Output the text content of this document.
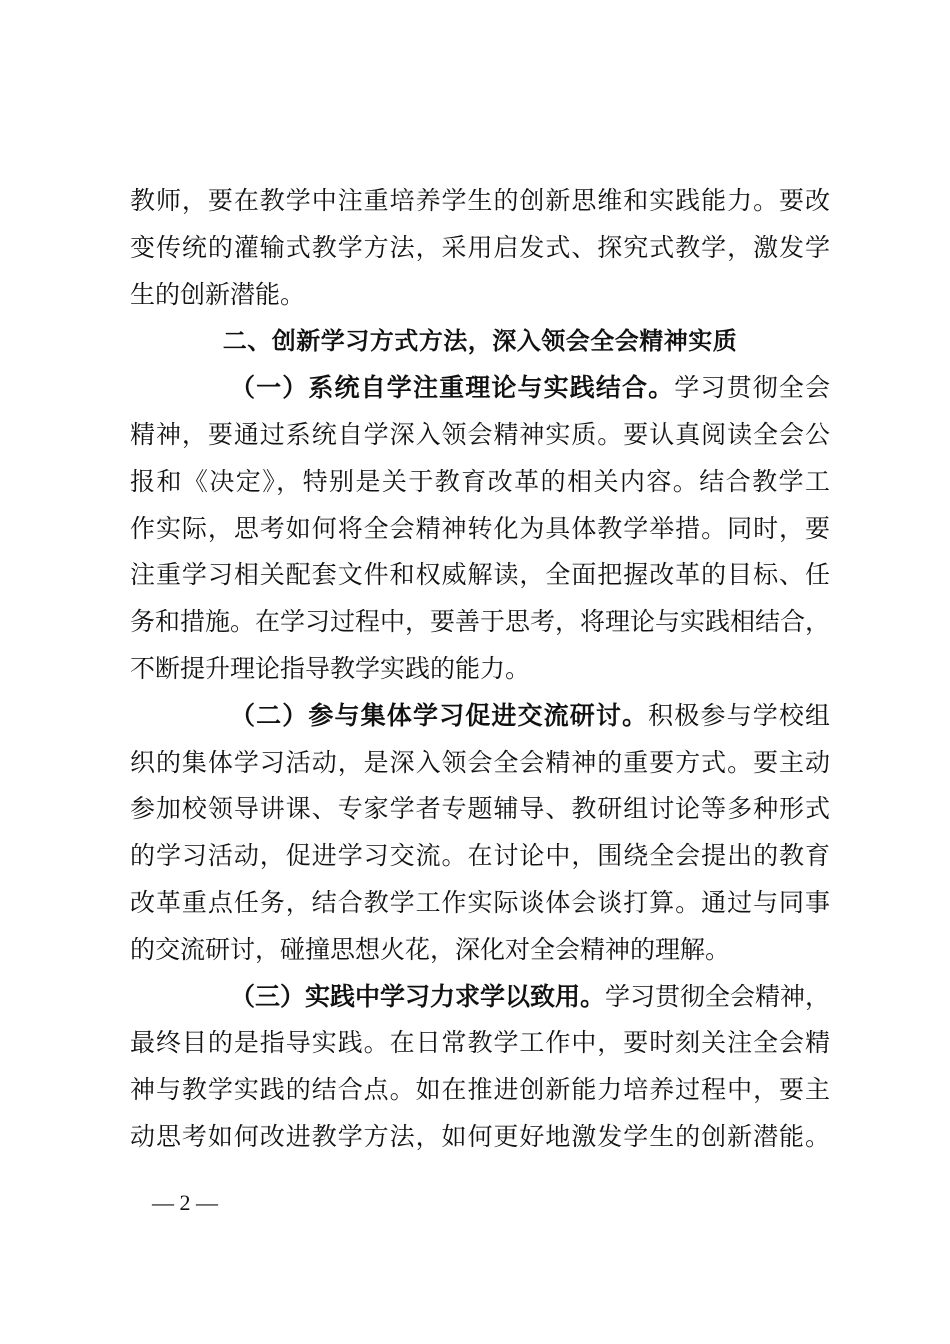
教师，要在教学中注重培养学生的创新思维和实践能力。要改
变传统的灌输式教学方法，采用启发式、探究式教学，激发学
生的创新潜能。
二、创新学习方式方法，深入领会全会精神实质
（一）系统自学注重理论与实践结合。学习贯彻全会
精神，要通过系统自学深入领会精神实质。要认真阅读全会公
报和《决定》，特别是关于教育改革的相关内容。结合教学工
作实际，思考如何将全会精神转化为具体教学举措。同时，要
注重学习相关配套文件和权威解读，全面把握改革的目标、任
务和措施。在学习过程中，要善于思考，将理论与实践相结合，
不断提升理论指导教学实践的能力。
（二）参与集体学习促进交流研讨。积极参与学校组
织的集体学习活动，是深入领会全会精神的重要方式。要主动
参加校领导讲课、专家学者专题辅导、教研组讨论等多种形式
的学习活动，促进学习交流。在讨论中，围绕全会提出的教育
改革重点任务，结合教学工作实际谈体会谈打算。通过与同事
的交流研讨，碰撞思想火花，深化对全会精神的理解。
（三）实践中学习力求学以致用。学习贯彻全会精神，
最终目的是指导实践。在日常教学工作中，要时刻关注全会精
神与教学实践的结合点。如在推进创新能力培养过程中，要主
动思考如何改进教学方法，如何更好地激发学生的创新潜能。
— 2 —
